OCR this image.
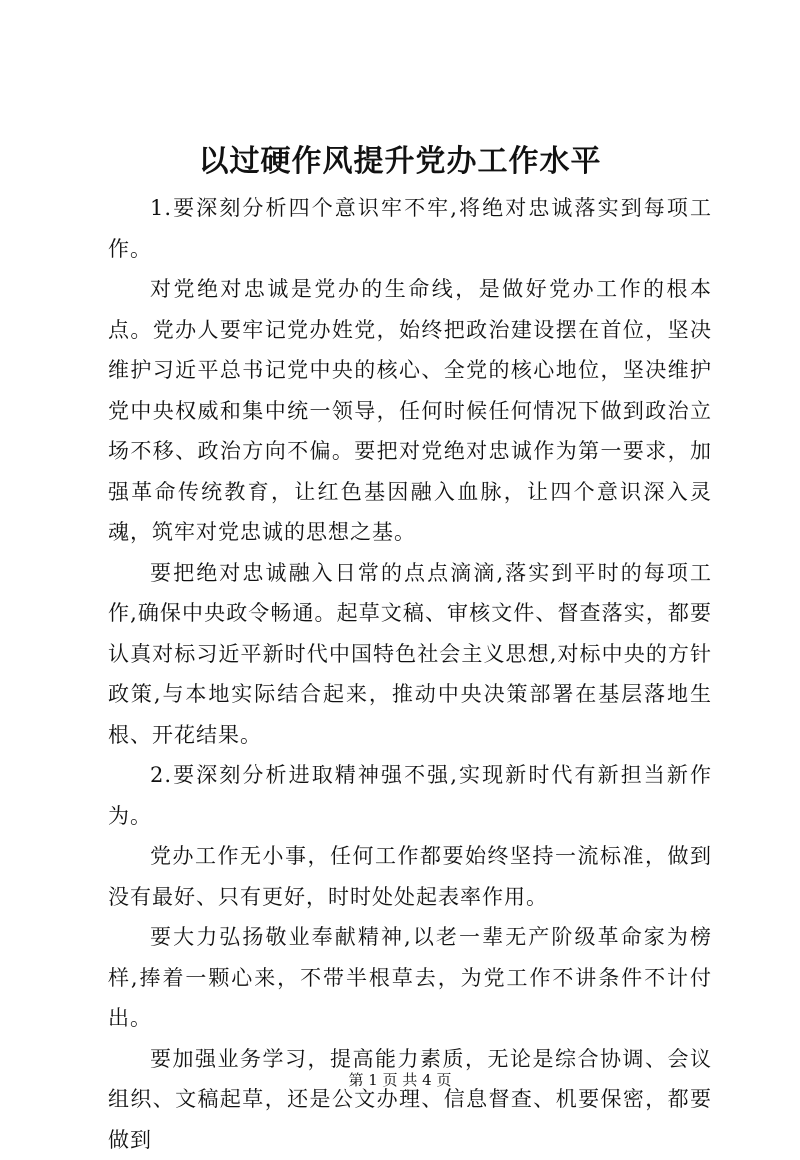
以过硬作风提升党办工作水平

1.要深刻分析四个意识牢不牢,将绝对忠诚落实到每项工作。

对党绝对忠诚是党办的生命线，是做好党办工作的根本点。党办人要牢记党办姓党，始终把政治建设摆在首位，坚决维护习近平总书记党中央的核心、全党的核心地位，坚决维护党中央权威和集中统一领导，任何时候任何情况下做到政治立场不移、政治方向不偏。要把对党绝对忠诚作为第一要求，加强革命传统教育，让红色基因融入血脉，让四个意识深入灵魂，筑牢对党忠诚的思想之基。

要把绝对忠诚融入日常的点点滴滴,落实到平时的每项工作,确保中央政令畅通。起草文稿、审核文件、督查落实，都要认真对标习近平新时代中国特色社会主义思想,对标中央的方针政策,与本地实际结合起来，推动中央决策部署在基层落地生根、开花结果。

2.要深刻分析进取精神强不强,实现新时代有新担当新作为。

党办工作无小事，任何工作都要始终坚持一流标准，做到没有最好、只有更好，时时处处起表率作用。

要大力弘扬敬业奉献精神,以老一辈无产阶级革命家为榜样,捧着一颗心来，不带半根草去，为党工作不讲条件不计付出。

要加强业务学习，提高能力素质，无论是综合协调、会议组织、文稿起草，还是公文办理、信息督查、机要保密，都要做到

第 1 页 共 4 页
